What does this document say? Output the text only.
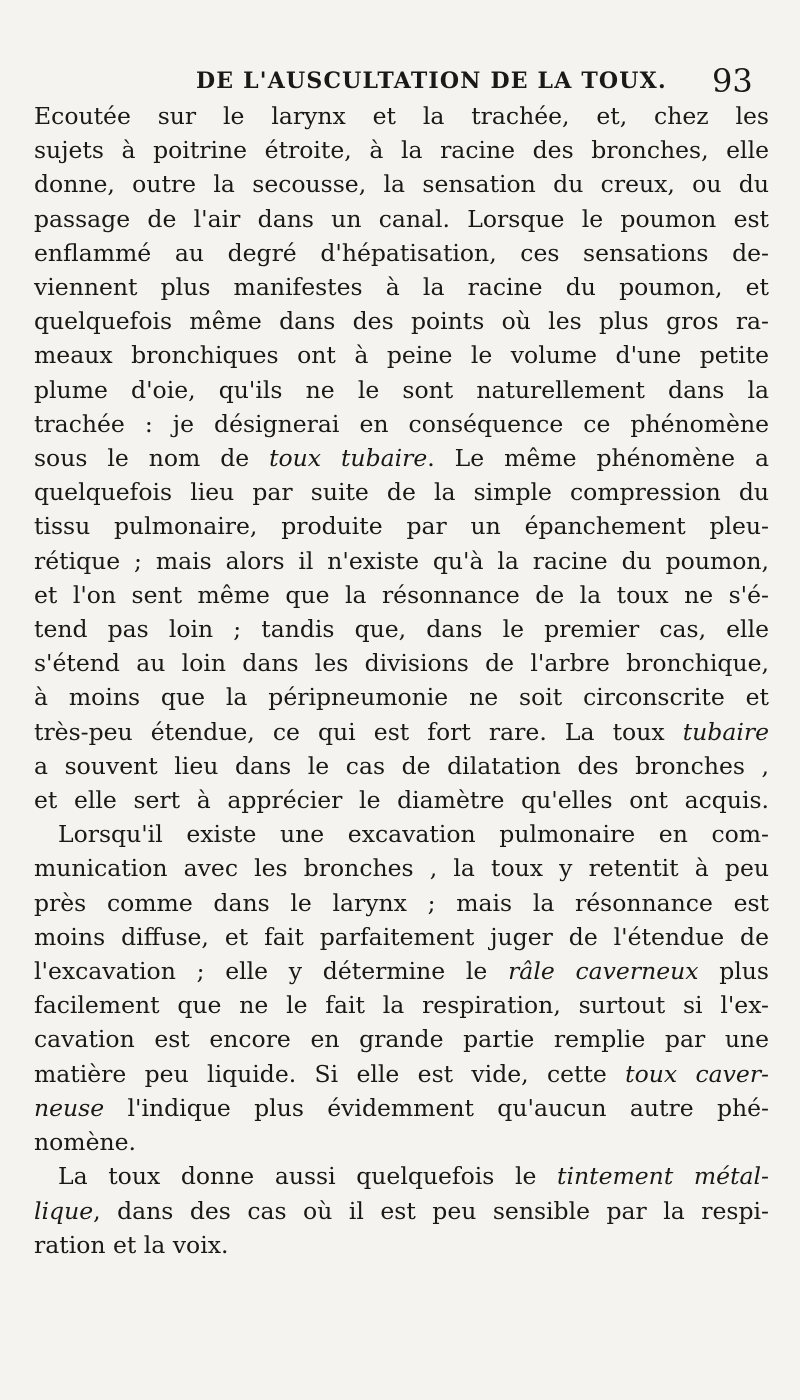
DE L'AUSCULTATION DE LA TOUX. 93
Ecoutée sur le larynx et la trachée, et, chez les
sujets à poitrine étroite, à la racine des bronches, elle
donne, outre la secousse, la sensation du creux, ou du
passage de l'air dans un canal. Lorsque le poumon est
enflammé au degré d'hépatisation, ces sensations de-
viennent plus manifestes à la racine du poumon, et
quelquefois même dans des points où les plus gros ra-
meaux bronchiques ont à peine le volume d'une petite
plume d'oie, qu'ils ne le sont naturellement dans la
trachée : je désignerai en conséquence ce phénomène
sous le nom de toux tubaire. Le même phénomène a
quelquefois lieu par suite de la simple compression du
tissu pulmonaire, produite par un épanchement pleu-
rétique ; mais alors il n'existe qu'à la racine du poumon,
et l'on sent même que la résonnance de la toux ne s'é-
tend pas loin ; tandis que, dans le premier cas, elle
s'étend au loin dans les divisions de l'arbre bronchique,
à moins que la péripneumonie ne soit circonscrite et
très-peu étendue, ce qui est fort rare. La toux tubaire
a souvent lieu dans le cas de dilatation des bronches ,
et elle sert à apprécier le diamètre qu'elles ont acquis.
Lorsqu'il existe une excavation pulmonaire en com-
munication avec les bronches , la toux y retentit à peu
près comme dans le larynx ; mais la résonnance est
moins diffuse, et fait parfaitement juger de l'étendue de
l'excavation ; elle y détermine le râle caverneux plus
facilement que ne le fait la respiration, surtout si l'ex-
cavation est encore en grande partie remplie par une
matière peu liquide. Si elle est vide, cette toux caver-
neuse l'indique plus évidemment qu'aucun autre phé-
nomène.
La toux donne aussi quelquefois le tintement métal-
lique, dans des cas où il est peu sensible par la respi-
ration et la voix.
